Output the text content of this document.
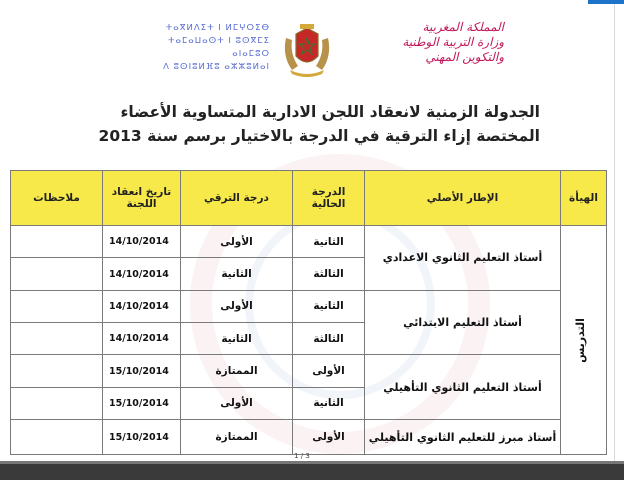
ⵜⴰⴳⵍⴷⵉⵜ ⵏ ⵍⵎⵖⵔⵉⴱ
ⵜⴰⵎⴰⵡⴰⵙⵜ ⵏ ⵓⵙⴳⵎⵉ ⴰⵏⴰⵎⵓⵔ
ⴷ ⵓⵙⵏⵓⵍⴼⵓ ⴰⵣⵣⵓⵍⴰⵏ
المملكة المغربية
وزارة التربية الوطنية
والتكوين المهني
الجدولة الزمنية لانعقاد اللجن الادارية المتساوية الأعضاء
المختصة إزاء الترقية في الدرجة بالاختيار برسم سنة 2013
الهيأة	الإطار الأصلي	الدرجة الحالية	درجة الترقي	تاريخ انعقاد اللجنة	ملاحظات
التدريس	أستاذ التعليم الثانوي الاعدادي	الثانية	الأولى	14/10/2014	
		الثالثة	الثانية	14/10/2014	
	أستاذ التعليم الابتدائي	الثانية	الأولى	14/10/2014	
		الثالثة	الثانية	14/10/2014	
	أستاذ التعليم الثانوي التأهيلي	الأولى	الممتازة	15/10/2014	
		الثانية	الأولى	15/10/2014	
	أستاذ مبرز للتعليم الثانوي التأهيلي	الأولى	الممتازة	15/10/2014	
1 / 3
